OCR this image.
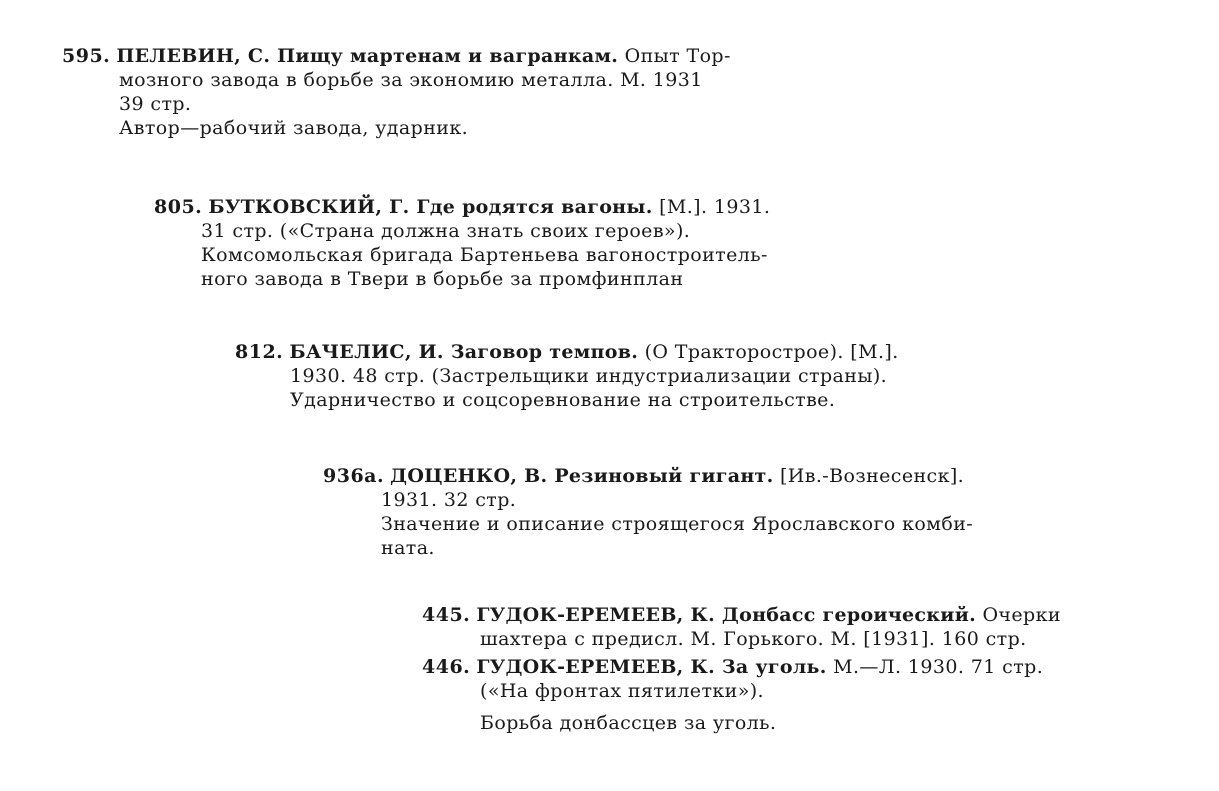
595. ПЕЛЕВИН, С. Пищу мартенам и вагранкам. Опыт Тор-
мозного завода в борьбе за экономию металла. М. 1931
39 стр.
Автор—рабочий завода, ударник.
805. БУТКОВСКИЙ, Г. Где родятся вагоны. [М.]. 1931.
31 стр. («Страна должна знать своих героев»).
Комсомольская бригада Бартеньева вагоностроитель-
ного завода в Твери в борьбе за промфинплан
812. БАЧЕЛИС, И. Заговор темпов. (О Тракторострое). [М.].
1930. 48 стр. (Застрельщики индустриализации страны).
Ударничество и соцсоревнование на строительстве.
936а. ДОЦЕНКО, В. Резиновый гигант. [Ив.-Вознесенск].
1931. 32 стр.
Значение и описание строящегося Ярославского комби-
ната.
445. ГУДОК-ЕРЕМЕЕВ, К. Донбасс героический. Очерки
шахтера с предисл. М. Горького. М. [1931]. 160 стр.
446. ГУДОК-ЕРЕМЕЕВ, К. За уголь. М.—Л. 1930. 71 стр.
(«На фронтах пятилетки»).
Борьба донбассцев за уголь.
